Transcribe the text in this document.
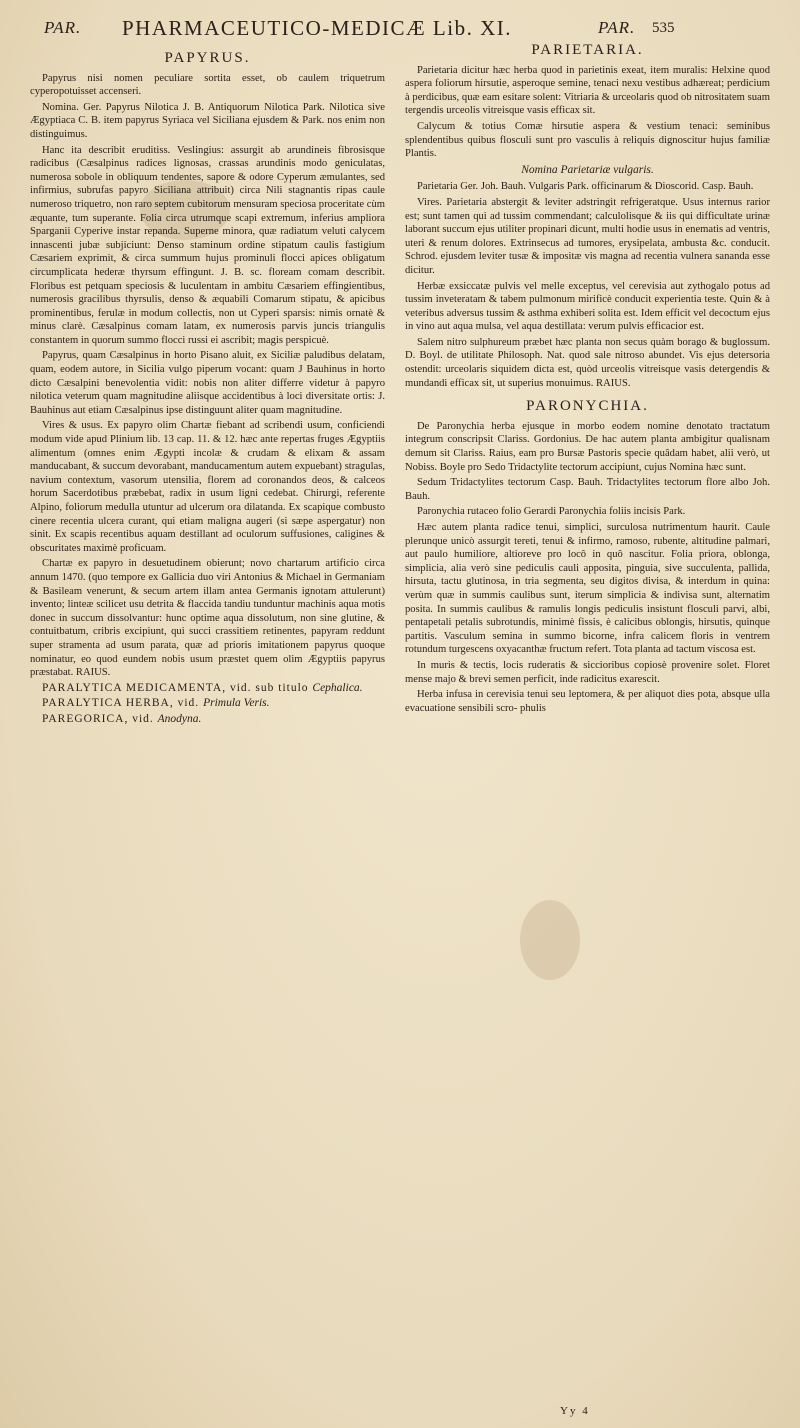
PAR. PHARMACEUTICO-MEDICÆ Lib. XI.	PAR. 535
PAPYRUS.

Papyrus nisi nomen peculiare sortita esset, ob caulem triquetrum cyperopotuisset accenseri.

Nomina. Ger. Papyrus Nilotica J. B. Antiquorum Nilotica Park. Nilotica sive Ægyptiaca C. B. item papyrus Syriaca vel Siciliana ejusdem & Park. nos enim non distinguimus.

Hanc ita describit eruditiss. Veslingius: assurgit ab arundineis fibrosisque radicibus (Cæsalpinus radices lignosas, crassas arundinis modo geniculatas, numerosa sobole in obliquum tendentes, sapore & odore Cyperum æmulantes, sed infirmius, subrufas papyro Siciliana attribuit) circa Nili stagnantis ripas caule numeroso triquetro, non raro septem cubitorum mensuram speciosa proceritate cùm æquante, tum superante. Folia circa utrumque scapi extremum, inferius ampliora Sparganii Cyperive instar repanda. Superne minora, quæ radiatum veluti calycem innascenti jubæ subjiciunt: Denso staminum ordine stipatum caulis fastigium Cæsariem exprimit, & circa summum hujus prominuli flocci apices obligatum circumplicata hederæ thyrsum effingunt. J. B. sc. floream comam describit. Floribus est petquam speciosis & luculentam in ambitu Cæsariem effingientibus, numerosis gracilibus thyrsulis, denso & æquabili Comarum stipatu, & apicibus prominentibus, ferulæ in modum collectis, non ut Cyperi sparsis: nimis ornatè & minus clarè. Cæsalpinus comam latam, ex numerosis parvis juncis triangulis constantem in quorum summo flocci russi ei ascribit; magis perspicuè.

Papyrus, quam Cæsalpinus in horto Pisano aluit, ex Siciliæ paludibus delatam, quam, eodem autore, in Sicilia vulgo piperum vocant: quam J Bauhinus in horto dicto Cæsalpini benevolentia vidit: nobis non aliter differre videtur à papyro nilotica veterum quam magnitudine aliisque accidentibus à loci diversitate ortis: J. Bauhinus aut etiam Cæsalpinus ipse distinguunt aliter quam magnitudine.

Vires & usus. Ex papyro olim Chartæ fiebant ad scribendi usum, conficiendi modum vide apud Plinium lib. 13 cap. 11. & 12. hæc ante repertas fruges Ægyptiis alimentum (omnes enim Ægypti incolæ & crudam & elixam & assam manducabant, & succum devorabant, manducamentum autem expuebant) stragulas, navium contextum, vasorum utensilia, florem ad coronandos deos, & calceos horum Sacerdotibus præbebat, radix in usum ligni cedebat. Chirurgi, referente Alpino, foliorum medulla utuntur ad ulcerum ora dilatanda. Ex scapique combusto cinere recentia ulcera curant, qui etiam maligna augeri (si sæpe aspergatur) non sinit. Ex scapis recentibus aquam destillant ad oculorum suffusiones, caligines & obscuritates maximè proficuam.

Chartæ ex papyro in desuetudinem obierunt; novo chartarum artificio circa annum 1470. (quo tempore ex Gallicia duo viri Antonius & Michael in Germaniam & Basileam venerunt, & secum artem illam antea Germanis ignotam attulerunt) invento; linteæ scilicet usu detrita & flaccida tandiu tunduntur machinis aqua motis donec in succum dissolvantur: hunc optime aqua dissolutum, non sine glutine, & contuitbatum, cribris excipiunt, qui succi crassitiem retinentes, papyram reddunt super stramenta ad usum parata, quæ ad prioris imitationem papyrus quoque nominatur, eo quod eundem nobis usum præstet quem olim Ægyptiis papyrus præstabat. RAIUS.

PARALYTICA MEDICAMENTA, vid. sub titulo Cephalica.

PARALYTICA HERBA, vid. Primula Veris.

PAREGORICA, vid. Anodyna.

PARIETARIA.

Parietaria dicitur hæc herba quod in parietinis exeat, item muralis: Helxine quod aspera foliorum hirsutie, asperoque semine, tenaci nexu vestibus adhæreat; perdicium à perdicibus, quæ eam esitare solent: Vitriaria & urceolaris quod ob nitrositatem suam tergendis urceolis vitreisque vasis efficax sit.

Calycum & totius Comæ hirsutie aspera & vestium tenaci: seminibus splendentibus quibus flosculi sunt pro vasculis à reliquis dignoscitur hujus familiæ Plantis.

Nomina Parietariæ vulgaris.

Parietaria Ger. Joh. Bauh. Vulgaris Park. officinarum & Dioscorid. Casp. Bauh.

Vires. Parietaria abstergit & leviter adstringit refrigeratque. Usus internus rarior est; sunt tamen qui ad tussim commendant; calculolisque & iis qui difficultate urinæ laborant succum ejus utiliter propinari dicunt, multi hodie usus in enematis ad ventris, uteri & renum dolores. Extrinsecus ad tumores, erysipelata, ambusta &c. conducit. Schrod. ejusdem leviter tusæ & impositæ vis magna ad recentia vulnera sananda esse dicitur.

Herbæ exsiccatæ pulvis vel melle exceptus, vel cerevisia aut zythogalo potus ad tussim inveteratam & tabem pulmonum mirificè conducit experientia teste. Quin & à veteribus adversus tussim & asthma exhiberi solita est. Idem efficit vel decoctum ejus in vino aut aqua mulsa, vel aqua destillata: verum pulvis efficacior est.

Salem nitro sulphureum præbet hæc planta non secus quàm borago & buglossum. D. Boyl. de utilitate Philosoph. Nat. quod sale nitroso abundet. Vis ejus detersoria ostendit: urceolaris siquidem dicta est, quòd urceolis vitreisque vasis detergendis & mundandi efficax sit, ut superius monuimus. RAIUS.

PARONYCHIA.

De Paronychia herba ejusque in morbo eodem nomine denotato tractatum integrum conscripsit Clariss. Gordonius. De hac autem planta ambigitur qualisnam demum sit Clariss. Raius, eam pro Bursæ Pastoris specie quâdam habet, alii verò, ut Nobiss. Boyle pro Sedo Tridactylite tectorum accipiunt, cujus Nomina hæc sunt.

Sedum Tridactylites tectorum Casp. Bauh. Tridactylites tectorum flore albo Joh. Bauh.

Paronychia rutaceo folio Gerardi Paronychia foliis incisis Park.

Hæc autem planta radice tenui, simplici, surculosa nutrimentum haurit. Caule plerunque unicò assurgit tereti, tenui & infirmo, ramoso, rubente, altitudine palmari, aut paulo humiliore, altioreve pro locô in quô nascitur. Folia priora, oblonga, simplicia, alia verò sine pediculis cauli apposita, pinguia, sive succulenta, pallida, hirsuta, tactu glutinosa, in tria segmenta, seu digitos divisa, & interdum in quina: verùm quæ in summis caulibus sunt, iterum simplicia & indivisa sunt, alternatim posita. In summis caulibus & ramulis longis pediculis insistunt flosculi parvi, albi, pentapetali petalis subrotundis, minimè fissis, è calicibus oblongis, hirsutis, quinque partitis. Vasculum semina in summo bicorne, infra calicem floris in ventrem rotundum turgescens oxyacanthæ fructum refert. Tota planta ad tactum viscosa est.

In muris & tectis, locis ruderatis & siccioribus copiosè provenire solet. Floret mense majo & brevi semen perficit, inde radicitus exarescit.

Herba infusa in cerevisia tenui seu leptomera, & per aliquot dies pota, absque ulla evacuatione sensibili scro- phulis

Yy 4
